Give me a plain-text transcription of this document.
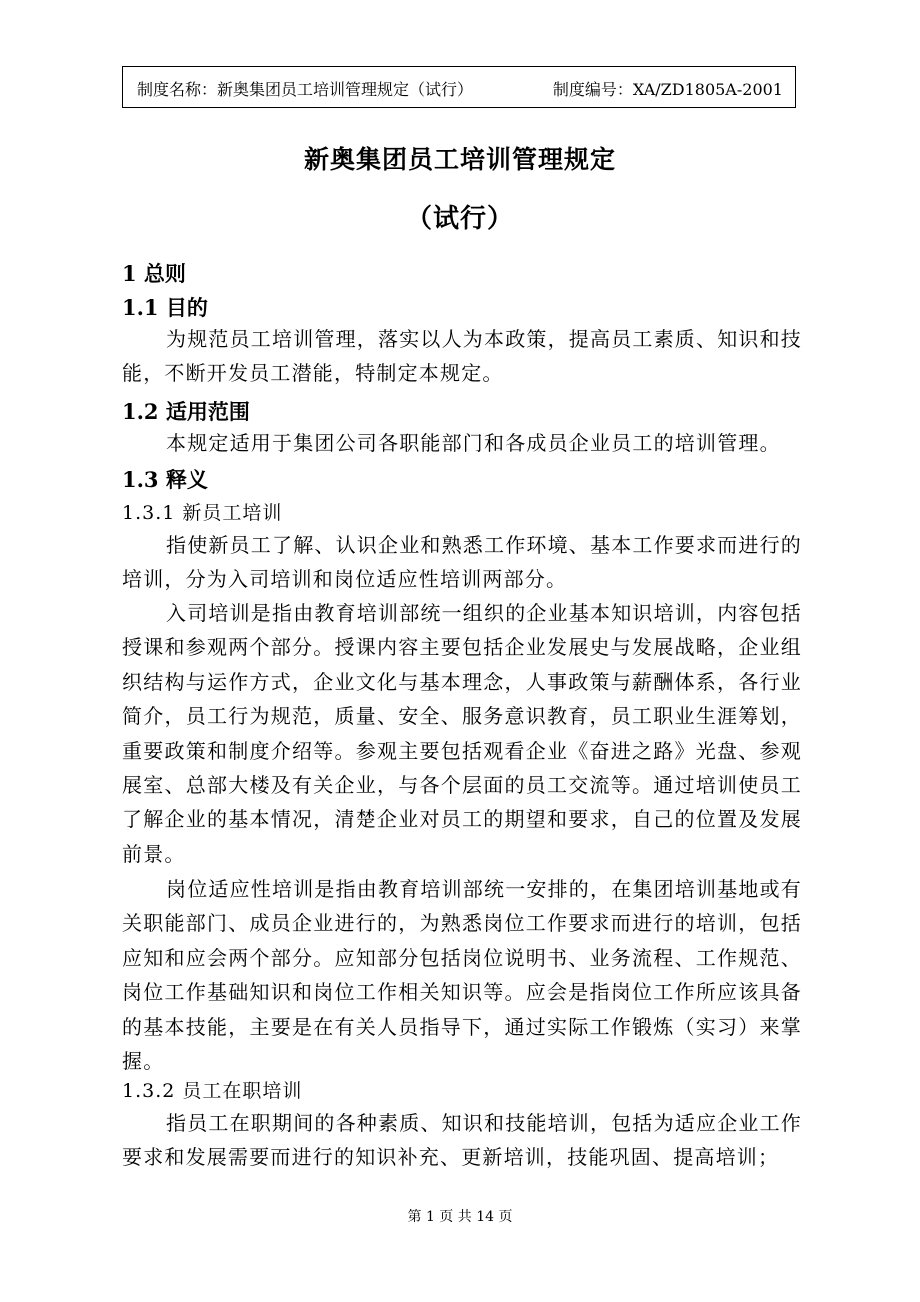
制度名称：新奥集团员工培训管理规定（试行）	制度编号：XA/ZD1805A-2001
新奥集团员工培训管理规定
（试行）
1 总则
1.1 目的
为规范员工培训管理，落实以人为本政策，提高员工素质、知识和技能，不断开发员工潜能，特制定本规定。
1.2 适用范围
本规定适用于集团公司各职能部门和各成员企业员工的培训管理。
1.3 释义
1.3.1 新员工培训
指使新员工了解、认识企业和熟悉工作环境、基本工作要求而进行的培训，分为入司培训和岗位适应性培训两部分。
入司培训是指由教育培训部统一组织的企业基本知识培训，内容包括授课和参观两个部分。授课内容主要包括企业发展史与发展战略，企业组织结构与运作方式，企业文化与基本理念，人事政策与薪酬体系，各行业简介，员工行为规范，质量、安全、服务意识教育，员工职业生涯筹划，重要政策和制度介绍等。参观主要包括观看企业《奋进之路》光盘、参观展室、总部大楼及有关企业，与各个层面的员工交流等。通过培训使员工了解企业的基本情况，清楚企业对员工的期望和要求，自己的位置及发展前景。
岗位适应性培训是指由教育培训部统一安排的，在集团培训基地或有关职能部门、成员企业进行的，为熟悉岗位工作要求而进行的培训，包括应知和应会两个部分。应知部分包括岗位说明书、业务流程、工作规范、岗位工作基础知识和岗位工作相关知识等。应会是指岗位工作所应该具备的基本技能，主要是在有关人员指导下，通过实际工作锻炼（实习）来掌握。
1.3.2 员工在职培训
指员工在职期间的各种素质、知识和技能培训，包括为适应企业工作要求和发展需要而进行的知识补充、更新培训，技能巩固、提高培训；
第 1 页 共 14 页
